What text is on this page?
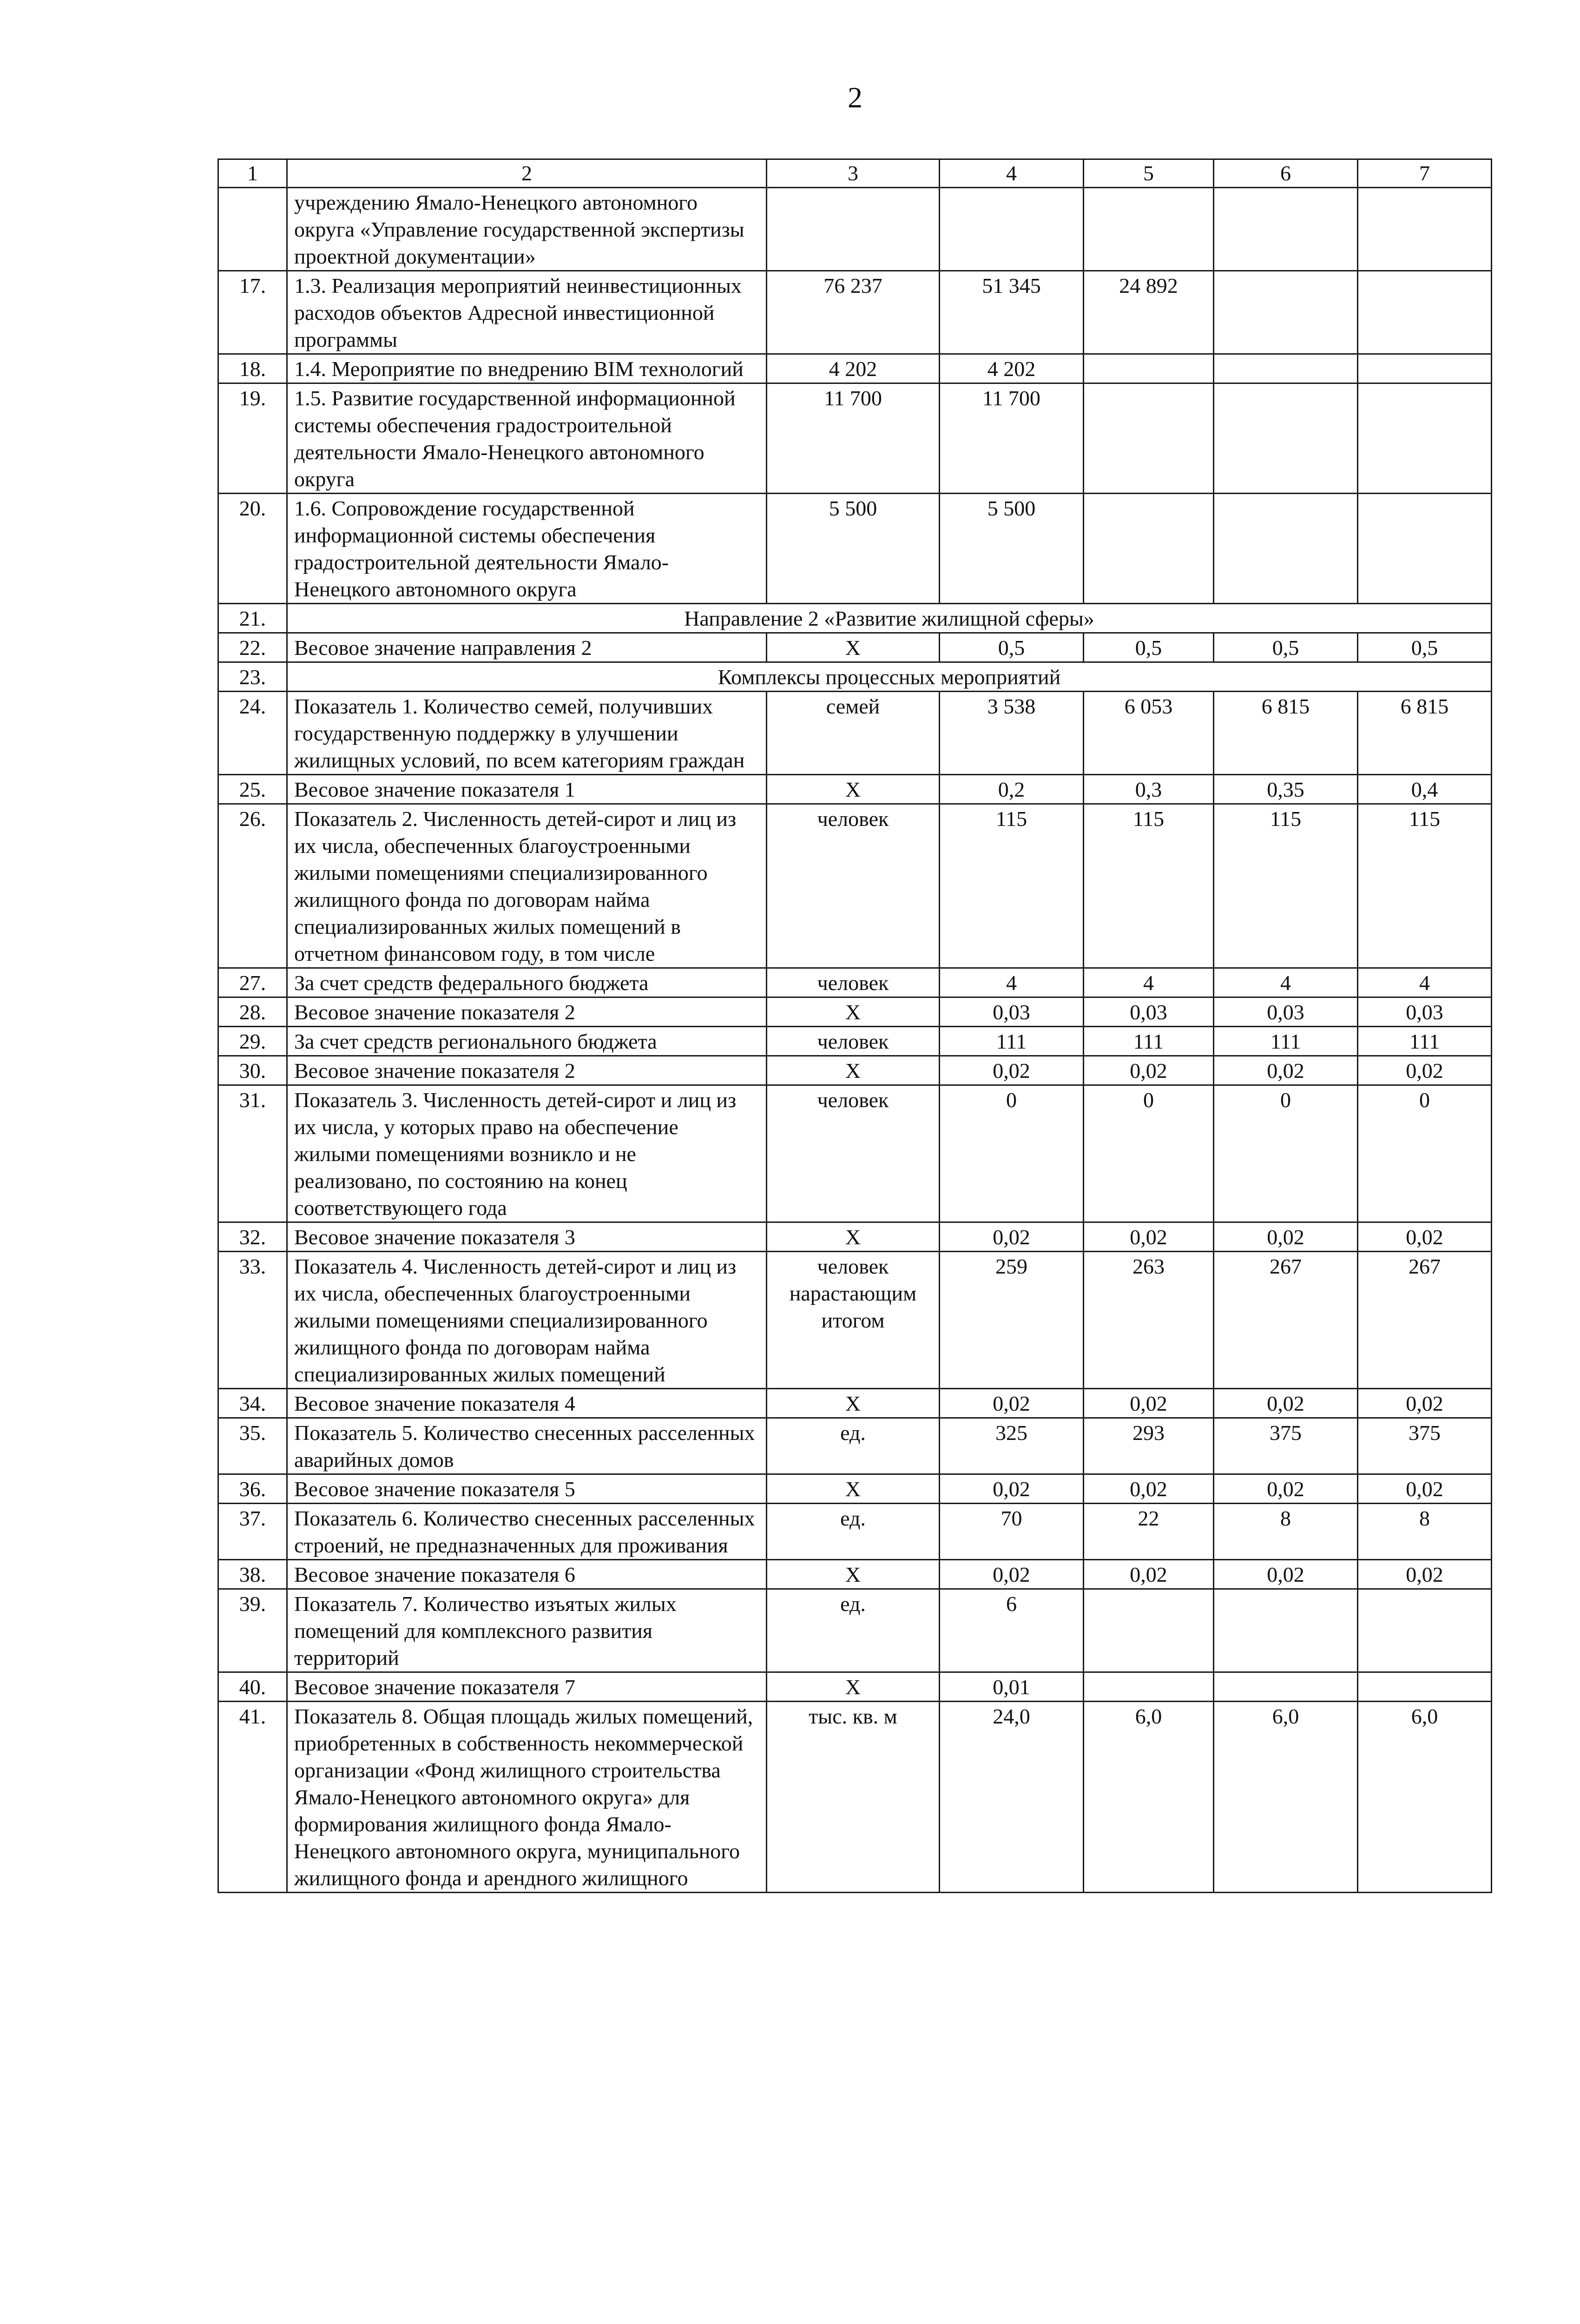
2
1	2	3	4	5	6	7
	учреждению Ямало-Ненецкого автономного округа «Управление государственной экспертизы проектной документации»					
17.	1.3. Реализация мероприятий неинвестиционных расходов объектов Адресной инвестиционной программы	76 237	51 345	24 892		
18.	1.4. Мероприятие по внедрению BIM технологий	4 202	4 202			
19.	1.5. Развитие государственной информационной системы обеспечения градостроительной деятельности Ямало-Ненецкого автономного округа	11 700	11 700			
20.	1.6. Сопровождение государственной информационной системы обеспечения градостроительной деятельности Ямало-Ненецкого автономного округа	5 500	5 500			
21.	Направление 2 «Развитие жилищной сферы»					
22.	Весовое значение направления 2	Х	0,5	0,5	0,5	0,5
23.	Комплексы процессных мероприятий					
24.	Показатель 1. Количество семей, получивших государственную поддержку в улучшении жилищных условий, по всем категориям граждан	семей	3 538	6 053	6 815	6 815
25.	Весовое значение показателя 1	Х	0,2	0,3	0,35	0,4
26.	Показатель 2. Численность детей-сирот и лиц из их числа, обеспеченных благоустроенными жилыми помещениями специализированного жилищного фонда по договорам найма специализированных жилых помещений в отчетном финансовом году, в том числе	человек	115	115	115	115
27.	За счет средств федерального бюджета	человек	4	4	4	4
28.	Весовое значение показателя 2	Х	0,03	0,03	0,03	0,03
29.	За счет средств регионального бюджета	человек	111	111	111	111
30.	Весовое значение показателя 2	Х	0,02	0,02	0,02	0,02
31.	Показатель 3. Численность детей-сирот и лиц из их числа, у которых право на обеспечение жилыми помещениями возникло и не реализовано, по состоянию на конец соответствующего года	человек	0	0	0	0
32.	Весовое значение показателя 3	Х	0,02	0,02	0,02	0,02
33.	Показатель 4. Численность детей-сирот и лиц из их числа, обеспеченных благоустроенными жилыми помещениями специализированного жилищного фонда по договорам найма специализированных жилых помещений	человек нарастающим итогом	259	263	267	267
34.	Весовое значение показателя 4	Х	0,02	0,02	0,02	0,02
35.	Показатель 5. Количество снесенных расселенных аварийных домов	ед.	325	293	375	375
36.	Весовое значение показателя 5	Х	0,02	0,02	0,02	0,02
37.	Показатель 6. Количество снесенных расселенных строений, не предназначенных для проживания	ед.	70	22	8	8
38.	Весовое значение показателя 6	Х	0,02	0,02	0,02	0,02
39.	Показатель 7. Количество изъятых жилых помещений для комплексного развития территорий	ед.	6			
40.	Весовое значение показателя 7	Х	0,01			
41.	Показатель 8. Общая площадь жилых помещений, приобретенных в собственность некоммерческой организации «Фонд жилищного строительства Ямало-Ненецкого автономного округа» для формирования жилищного фонда Ямало-Ненецкого автономного округа, муниципального жилищного фонда и арендного жилищного	тыс. кв. м	24,0	6,0	6,0	6,0
